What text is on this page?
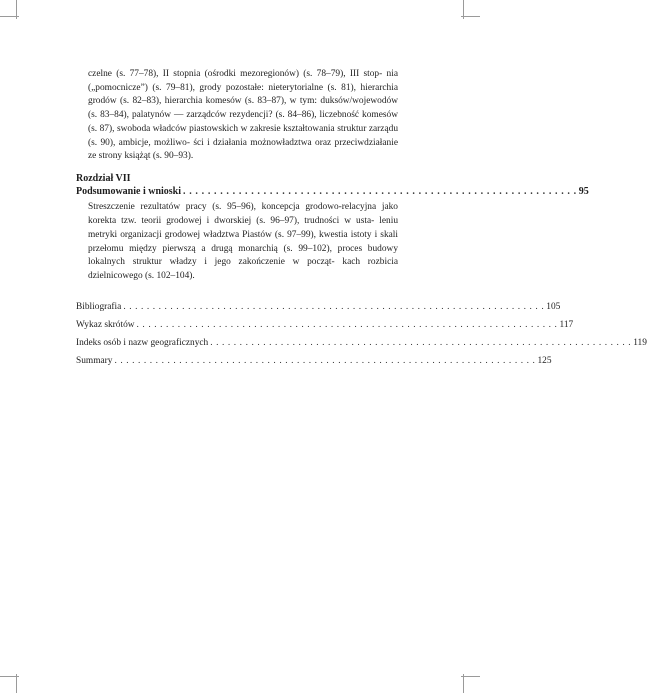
czelne (s. 77–78), II stopnia (ośrodki mezoregionów) (s. 78–79), III stop- nia („pomocnicze”) (s. 79–81), grody pozostałe: nieterytorialne (s. 81), hierarchia grodów (s. 82–83), hierarchia komesów (s. 83–87), w tym: duksów/wojewodów (s. 83–84), palatynów — zarządców rezydencji? (s. 84–86), liczebność komesów (s. 87), swoboda władców piastowskich w zakresie kształtowania struktur zarządu (s. 90), ambicje, możliwo- ści i działania możnowładztwa oraz przeciwdziałanie ze strony książąt (s. 90–93).
Rozdział VII
Podsumowanie i wnioski . . . . . . . . . . . . . . . . . . . . . . . . . . . . . . . . . . . . . . . . . . . . . . . . . . . . . . . . . . . . . . . . 95
Streszczenie rezultatów pracy (s. 95–96), koncepcja grodowo-relacyjna jako korekta tzw. teorii grodowej i dworskiej (s. 96–97), trudności w usta- leniu metryki organizacji grodowej władztwa Piastów (s. 97–99), kwestia istoty i skali przełomu między pierwszą a drugą monarchią (s. 99–102), proces budowy lokalnych struktur władzy i jego zakończenie w począt- kach rozbicia dzielnicowego (s. 102–104).
Bibliografia . . . . . . . . . . . . . . . . . . . . . . . . . . . . . . . . . . . . . . . . . . . . . . . . . . . . . . . . . . . . . . . . . . . . . . . . 105
Wykaz skrótów . . . . . . . . . . . . . . . . . . . . . . . . . . . . . . . . . . . . . . . . . . . . . . . . . . . . . . . . . . . . . . . . . . . . . . . . 117
Indeks osób i nazw geograficznych . . . . . . . . . . . . . . . . . . . . . . . . . . . . . . . . . . . . . . . . . . . . . . . . . . . . . . . . . . . . . . . . . . . . . . . . 119
Summary . . . . . . . . . . . . . . . . . . . . . . . . . . . . . . . . . . . . . . . . . . . . . . . . . . . . . . . . . . . . . . . . . . . . . . . . 125
